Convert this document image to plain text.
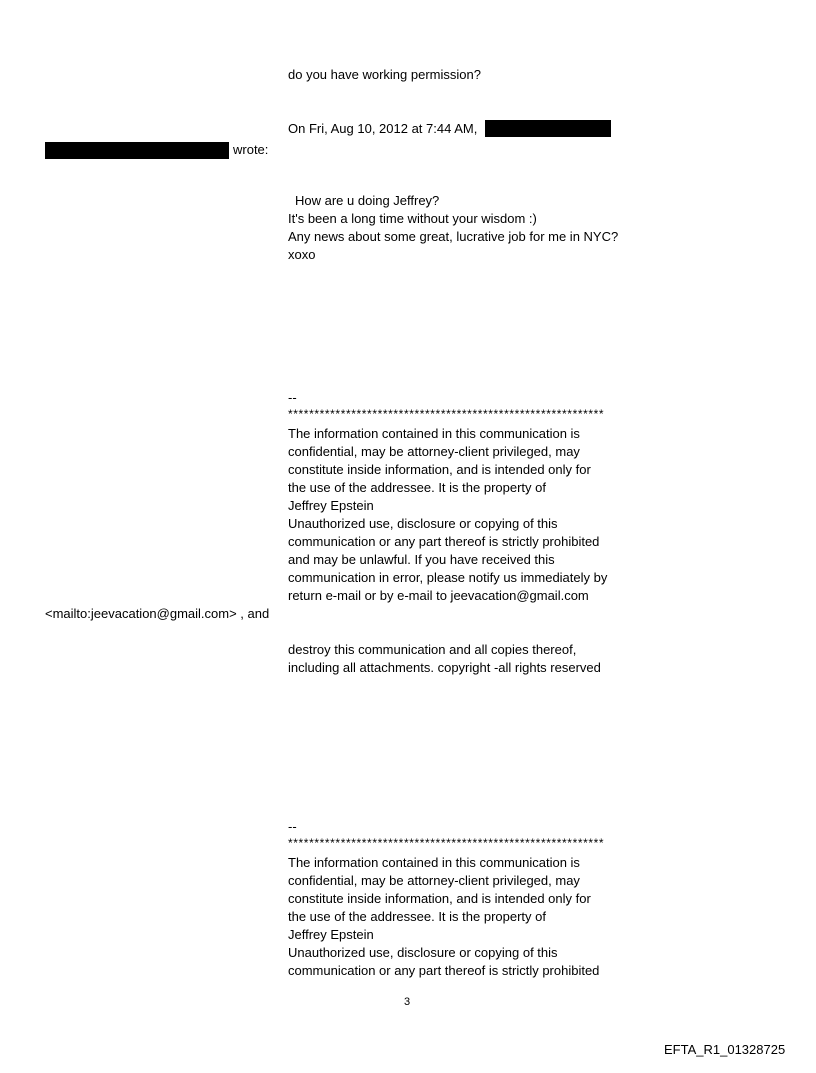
do you have working permission?
On Fri, Aug 10, 2012 at 7:44 AM,
wrote:
How are u doing Jeffrey?
It's been a long time without your wisdom :)
Any news about some great, lucrative job for me in NYC?
xoxo
--
************************************************************
The information contained in this communication is
confidential, may be attorney-client privileged, may
constitute inside information, and is intended only for
the use of the addressee. It is the property of
Jeffrey Epstein
Unauthorized use, disclosure or copying of this
communication or any part thereof is strictly prohibited
and may be unlawful. If you have received this
communication in error, please notify us immediately by
return e-mail or by e-mail to jeevacation@gmail.com
<mailto:jeevacation@gmail.com> , and
destroy this communication and all copies thereof,
including all attachments. copyright -all rights reserved
--
************************************************************
The information contained in this communication is
confidential, may be attorney-client privileged, may
constitute inside information, and is intended only for
the use of the addressee. It is the property of
Jeffrey Epstein
Unauthorized use, disclosure or copying of this
communication or any part thereof is strictly prohibited
3
EFTA_R1_01328725
